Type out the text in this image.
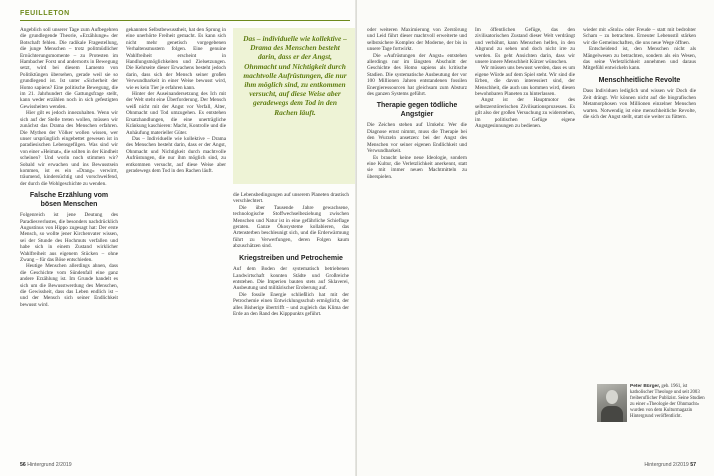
FEUILLETON

Angeblich soll unserer Tage zum Aufbegehren die grundlegende Theorie, »Erzählunge« der Botschaft fehlen. Die radikale Fragestellung, die junge Menschen – trotz politmüdlicher Ernüchterungsmomente – zu Protesten im Hambacher Forst und andernorts in Bewegung setzt, wird bei diesem Lamento von Politiktüngen übersehen, gerade weil sie so grundlegend ist. Ist unter »Sicherheit der Homo sapiens? Eine politische Bewegung, die im 21. Jahrhundert die Gattungsfrage stellt, kann weder erzählen noch in sich gefestigten Gewissheiten wenden.

Hier gilt es jedoch innezuhalten. Wenn wir sich auf der Stelle treten wollen, müssen wir zunächst das Drama des Menschen erfahren. Die Mythen der Völker wollen wissen, wer unser ursprünglich eingebettet gewesen ist in paradiesischen Lebensgefilgen. Was sind wir von einer »Heimat«, die sollten in der Kindheit scheinen? Und worin noch stimmen wir? Sobald wir erwachen und ins Bewusstsein kommen, ist es ein »Drang« verwirrt, träumend, kindersüchtig und vorschweifend, der durch die Wohlgeschichte zu wenden.

Falsche Erzählung vom bösen Menschen

Folgenreich ist jene Deutung des Paradiesverlustes, die besonders nachdrücklich Augustinus von Hippo zugesagt hat: Der erste Mensch, so wollte jener Kirchenvater wissen, sei der Stunde des Hochmuts verfallen und habe sich in einem Zustand wirklicher Wahlfreiheit aus eigenem Stücken – ohne Zwang – für das Böse entschieden.

Heutige Menschen allerdings ahnen, dass die Geschichte vom Sündenfall eine ganz andere Erzählung ist. Im Grunde handelt es sich um die Bewusstwerdung des Menschen, die Gewissheit, dass das Leben endlich ist – und der Mensch sich seiner Endlichkeit bewusst wird.

gekannten Selbstbewusstheit, hat den Sprung in eine unerhörte Freiheit gemacht. Es kann sich nicht mehr genetisch vorgegebenen Verhaltensmustern folgen. Eine genuine Wahlfreiheit erscheint in Handlungsmöglichkeiten und Zielsetzungen. Die Kehrseite dieser Erwachens besteht jedoch darin, dass sich der Mensch seiner großen Verwundbarkeit in einer Weise bewusst wird, wie es kein Tier je erfahren kann.

Hinter der Auseinandersetzung des Ich mit der Welt steht eine Überforderung. Der Mensch weiß nicht mit der Angst vor Verfall, Alter, Ohnmacht und Tod umzugehen. Es entstehen Ersatzhandlungen, die eine unerträgliche Kränkung kaschieren: Macht, Kontrolle und die Anhäufung materieller Güter.

Das – Individuelle wie kollektive – Drama des Menschen besteht darin, dass er der Angst, Ohnmacht und Nichtigkeit durch machtvolle Aufrüstungen, die nur ihm möglich sind, zu entkommen versucht, auf diese Weise aber geradewegs dem Tod in den Rachen läuft.

die Lebensbedingungen auf unserem Planeten drastisch verschlechtert.

Die über Tausende Jahre gewachsene, technologische Stoffwechselbeziehung zwischen Menschen und Natur ist in eine gefährliche Schieflage geraten. Ganze Ökosysteme kollabieren, das Artensterben beschleunigt sich, und die Erderwärmung führt zu Verwerfungen, deren Folgen kaum abzuschätzen sind.

Kriegstreiben und Petrochemie

Auf dem Boden der systematisch betriebenen Landwirtschaft konnten Städte und Großreiche entstehen. Die Imperien bauten stets auf Sklaverei, Ausbeutung und militärischer Eroberung auf.

Die fossile Energie schließlich hat mit der Petrochemie einen Entwicklungsschub ermöglicht, der alles Bisherige übertrifft – und zugleich das Klima der Erde an den Rand des Kipppunkts geführt.

56 Hintergrund 2/2019
Das – individuelle wie kollektive – Drama des Menschen besteht darin, dass er der Angst, Ohnmacht und Nichtigkeit durch machtvolle Aufrüstungen, die nur ihm möglich sind, zu entkommen versucht, auf diese Weise aber geradewegs dem Tod in den Rachen läuft.

oder weiteren Maximierung von Zerstörung und Leid führt dieser machtvoll erweiterte und selbstsichere Komplex der Moderne, der bis in unsere Tage fortwirkt.

Die »Aufrüstungen der Angst« entstehen allerdings nur im längsten Abschnitt der Geschichte des Homo sapiens als kritische Stadien. Die systematische Ausbeutung der vor 100 Millionen Jahren entstandenen fossilen Energieressourcen hat gleichsam zum Absturz des ganzen Systems geführt.

Therapie gegen tödliche Angstgier

Die Zeichen stehen auf Umkehr. Wer die Diagnose ernst nimmt, muss die Therapie bei den Wurzeln ansetzen: bei der Angst des Menschen vor seiner eigenen Endlichkeit und Verwundbarkeit.

Es braucht keine neue Ideologie, sondern eine Kultur, die Verletzlichkeit anerkennt, statt sie mit immer neuen Machtmitteln zu überspielen.

Im öffentlichen Gefüge, das den zivilisatorischen Zustand dieser Welt verdrängt und verhöhnt, kann Menschen helfen, in den Abgrund zu sehen und doch nicht irre zu werden. Es geht Ansichten darin, dass wir unsere innere Menschheit Kürzer wünschen.

Wir müssen uns bewusst werden, dass es um eigene Würde auf dem Spiel steht. Wir sind die Erben, die davon interessiert sind, der Menschheit, die auch uns kommen wird, diesen bewohnbaren Planeten zu hinterlassen.

Angst ist der Hauptmotor des selbstzerstörerischen Zivilisationsprozesses. Es gilt also der großen Versuchung zu widerstehen, im politischen Gefüge eigene Angstgesinnungen zu bedienen.

wieder mit »Stolz« oder Freude – statt mit bedrohter Scham – zu betrachten. Erneuter Lebensstil stärken wir die Gemeinschaften, die uns neue Wege öffnen.

Entscheidend ist, den Menschen nicht als Mängelwesen zu betrachten, sondern als ein Wesen, das seine Verletzlichkeit annehmen und daraus Mitgefühl entwickeln kann.

Menschheitliche Revolte

Dass Individuen lediglich und wissen wir Doch die Zeit drängt. Wir können nicht auf die biografischen Metamorphosen von Millionen einzelner Menschen warten. Notwendig ist eine menschheitliche Revolte, die sich der Angst stellt, statt sie weiter zu füttern.

Hintergrund 2/2019 57
Peter Bürger, geb. 1961, ist katholischer Theologe und seit 2003 freiberuflicher Publizist. Seine Studien zu einer »Theologie der Ohnmacht« wurden von dem Kulturmagazin Hintergrund veröffentlicht.
